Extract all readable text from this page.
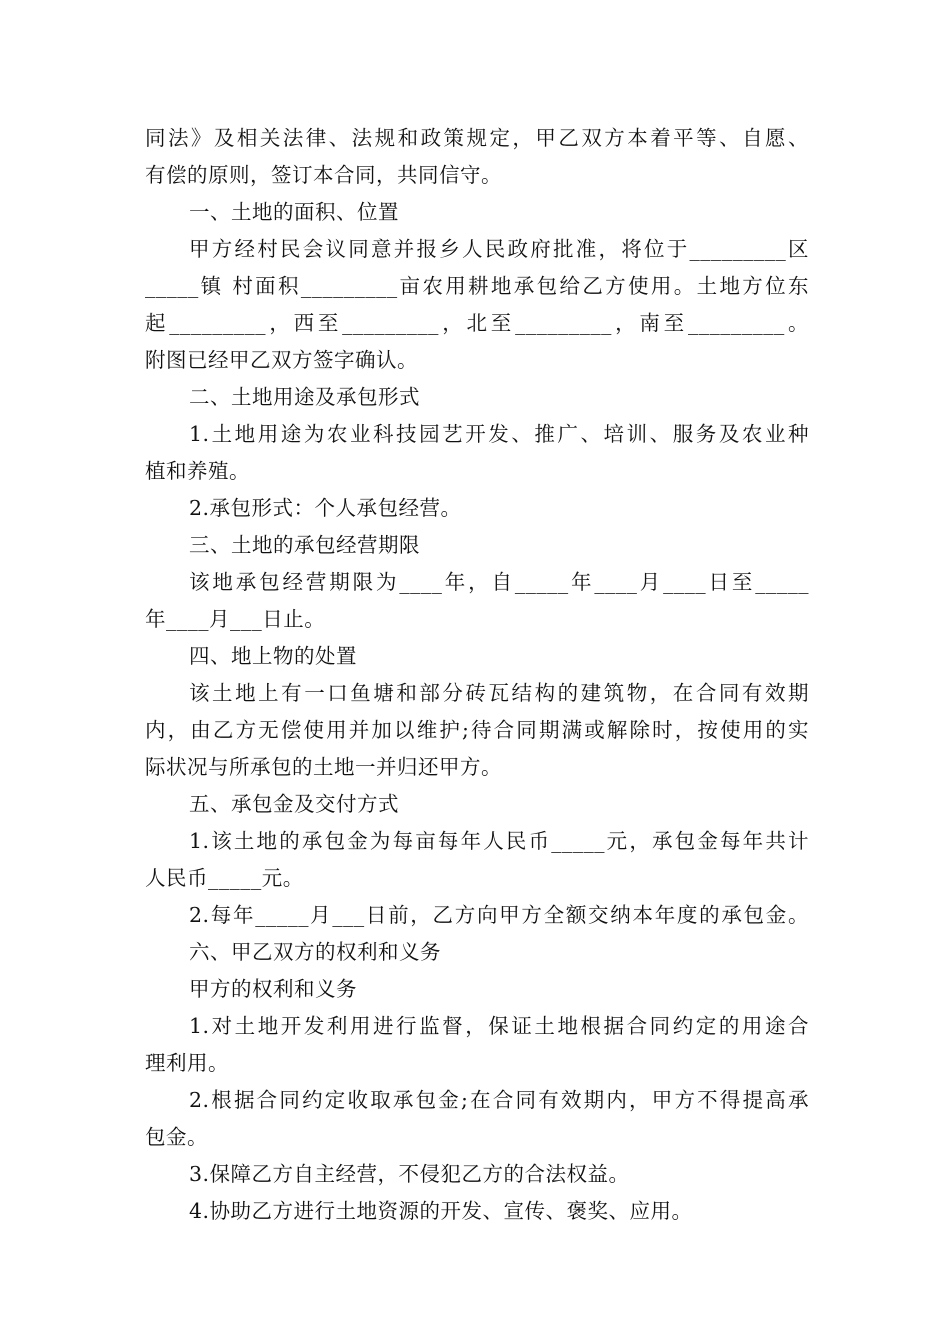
同法》及相关法律、法规和政策规定，甲乙双方本着平等、自愿、
有偿的原则，签订本合同，共同信守。
一、土地的面积、位置
甲方经村民会议同意并报乡人民政府批准，将位于_________区
_____镇 村面积_________亩农用耕地承包给乙方使用。土地方位东
起_________，西至_________，北至_________，南至_________。
附图已经甲乙双方签字确认。
二、土地用途及承包形式
1.土地用途为农业科技园艺开发、推广、培训、服务及农业种
植和养殖。
2.承包形式：个人承包经营。
三、土地的承包经营期限
该地承包经营期限为____年，自_____年____月____日至_____
年____月___日止。
四、地上物的处置
该土地上有一口鱼塘和部分砖瓦结构的建筑物，在合同有效期
内，由乙方无偿使用并加以维护;待合同期满或解除时，按使用的实
际状况与所承包的土地一并归还甲方。
五、承包金及交付方式
1.该土地的承包金为每亩每年人民币_____元，承包金每年共计
人民币_____元。
2.每年_____月___日前，乙方向甲方全额交纳本年度的承包金。
六、甲乙双方的权利和义务
甲方的权利和义务
1.对土地开发利用进行监督，保证土地根据合同约定的用途合
理利用。
2.根据合同约定收取承包金;在合同有效期内，甲方不得提高承
包金。
3.保障乙方自主经营，不侵犯乙方的合法权益。
4.协助乙方进行土地资源的开发、宣传、褒奖、应用。
